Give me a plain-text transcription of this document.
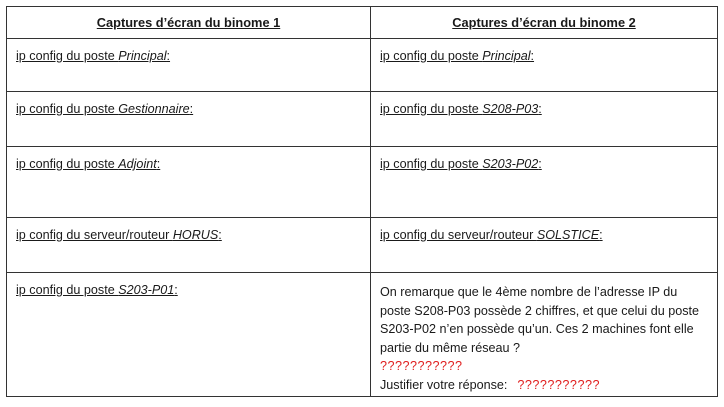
Captures d’écran du binome 1	Captures d’écran du binome 2

ip config du poste Principal:	ip config du poste Principal:

ip config du poste Gestionnaire:	ip config du poste S208-P03:

ip config du poste Adjoint:	ip config du poste S203-P02:

ip config du serveur/routeur HORUS:	ip config du serveur/routeur SOLSTICE:

ip config du poste S203-P01:	On remarque que le 4ème nombre de l’adresse IP du poste S208-P03 possède 2 chiffres, et que celui du poste S203-P02 n’en possède qu’un. Ces 2 machines font elle partie du même réseau ?
???????????
Justifier votre réponse: ???????????
